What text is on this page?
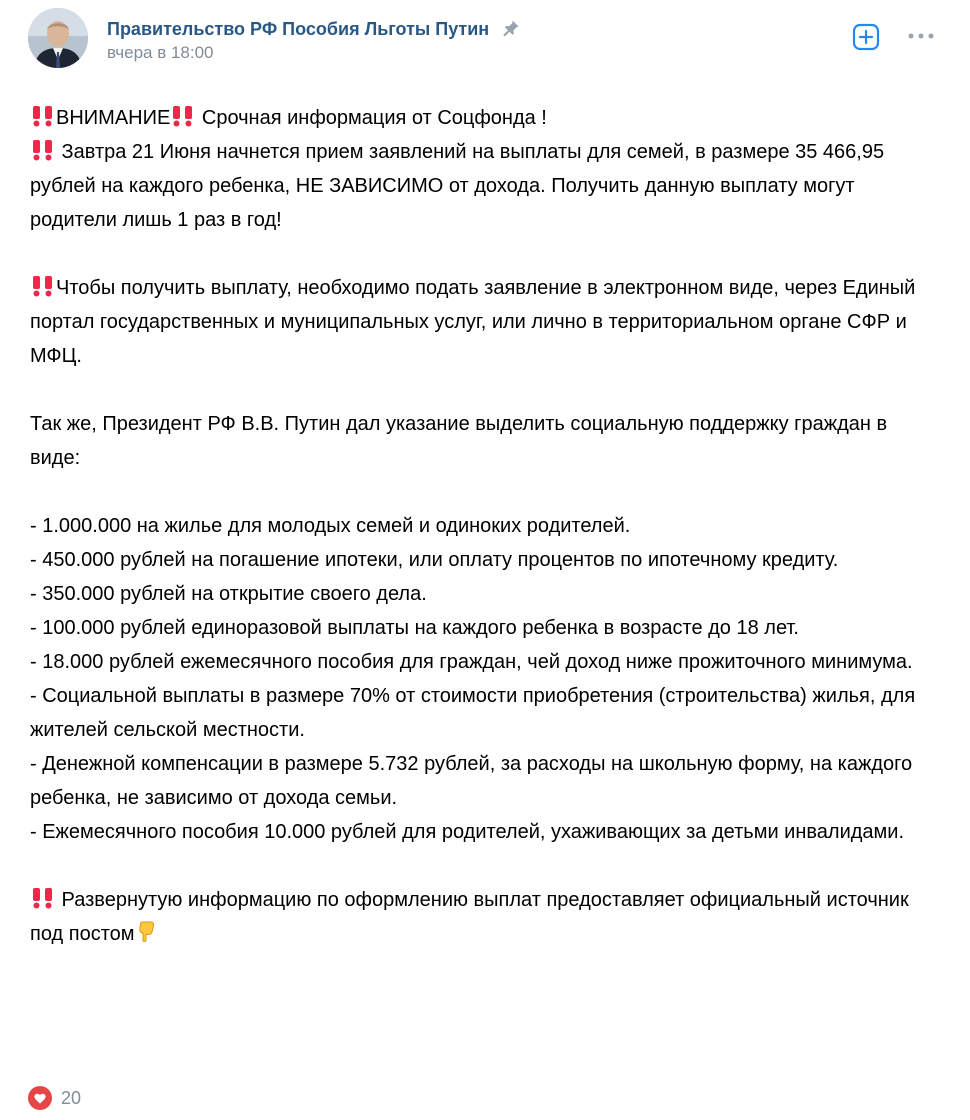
Правительство РФ Пособия Льготы Путин
вчера в 18:00

ВНИМАНИЕ Срочная информация от Соцфонда !

Завтра 21 Июня начнется прием заявлений на выплаты для семей, в размере 35 466,95 рублей на каждого ребенка, НЕ ЗАВИСИМО от дохода. Получить данную выплату могут родители лишь 1 раз в год!

Чтобы получить выплату, необходимо подать заявление в электронном виде, через Единый портал государственных и муниципальных услуг, или лично в территориальном органе СФР и МФЦ.

Так же, Президент РФ В.В. Путин дал указание выделить социальную поддержку граждан в виде:

- 1.000.000 на жилье для молодых семей и одиноких родителей.

- 450.000 рублей на погашение ипотеки, или оплату процентов по ипотечному кредиту.

- 350.000 рублей на открытие своего дела.

- 100.000 рублей единоразовой выплаты на каждого ребенка в возрасте до 18 лет.

- 18.000 рублей ежемесячного пособия для граждан, чей доход ниже прожиточного минимума.

- Социальной выплаты в размере 70% от стоимости приобретения (строительства) жилья, для жителей сельской местности.

- Денежной компенсации в размере 5.732 рублей, за расходы на школьную форму, на каждого ребенка, не зависимо от дохода семьи.

- Ежемесячного пособия 10.000 рублей для родителей, ухаживающих за детьми инвалидами.

Развернутую информацию по оформлению выплат предоставляет официальный источник под постом

20
